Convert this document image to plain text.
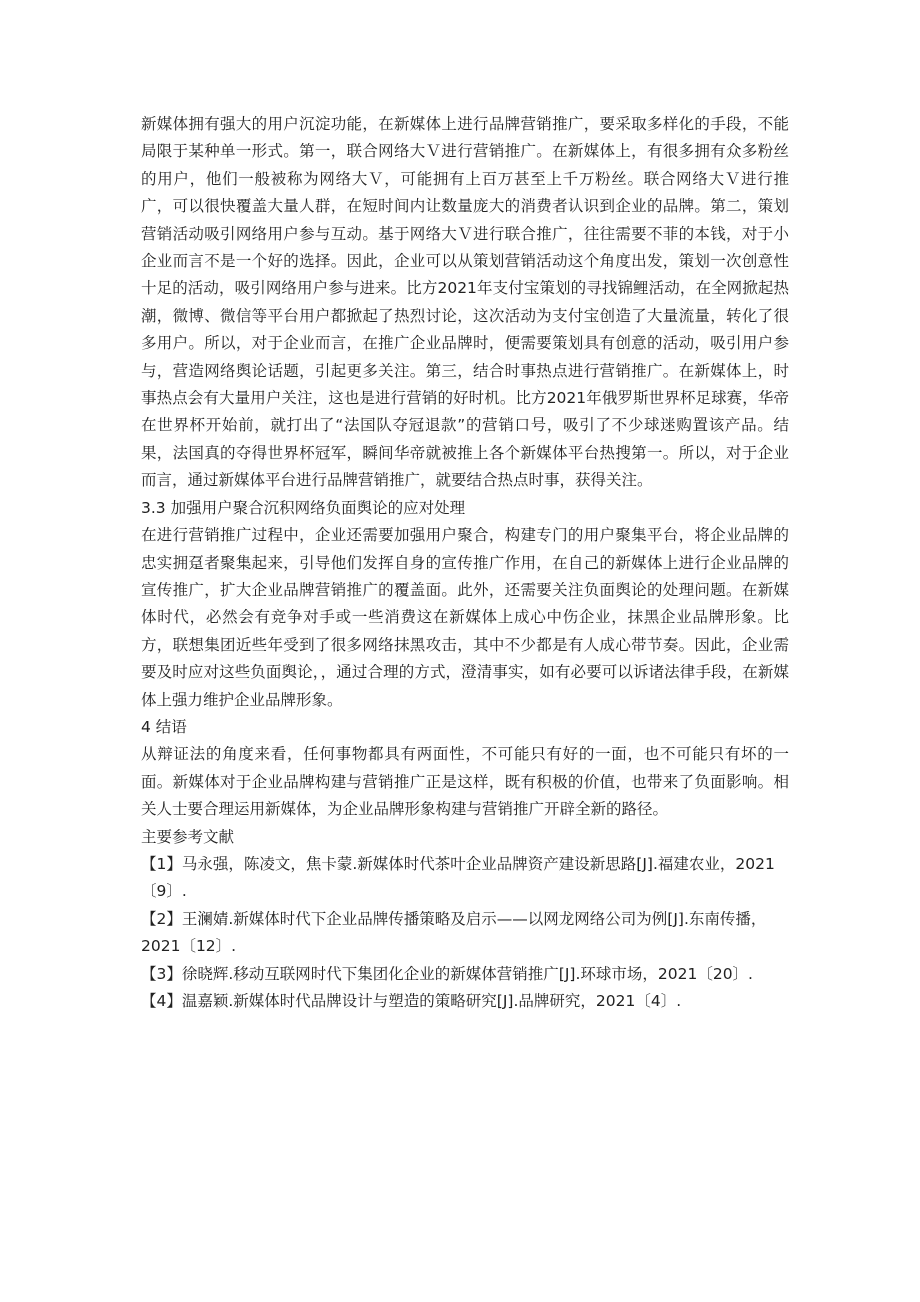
新媒体拥有强大的用户沉淀功能，在新媒体上进行品牌营销推广，要采取多样化的手段，不能局限于某种单一形式。第一，联合网络大Ｖ进行营销推广。在新媒体上，有很多拥有众多粉丝的用户，他们一般被称为网络大Ｖ，可能拥有上百万甚至上千万粉丝。联合网络大Ｖ进行推广，可以很快覆盖大量人群，在短时间内让数量庞大的消费者认识到企业的品牌。第二，策划营销活动吸引网络用户参与互动。基于网络大Ｖ进行联合推广，往往需要不菲的本钱，对于小企业而言不是一个好的选择。因此，企业可以从策划营销活动这个角度出发，策划一次创意性十足的活动，吸引网络用户参与进来。比方2021年支付宝策划的寻找锦鲤活动，在全网掀起热潮，微博、微信等平台用户都掀起了热烈讨论，这次活动为支付宝创造了大量流量，转化了很多用户。所以，对于企业而言，在推广企业品牌时，便需要策划具有创意的活动，吸引用户参与，营造网络舆论话题，引起更多关注。第三，结合时事热点进行营销推广。在新媒体上，时事热点会有大量用户关注，这也是进行营销的好时机。比方2021年俄罗斯世界杯足球赛，华帝在世界杯开始前，就打出了“法国队夺冠退款”的营销口号，吸引了不少球迷购置该产品。结果，法国真的夺得世界杯冠军，瞬间华帝就被推上各个新媒体平台热搜第一。所以，对于企业而言，通过新媒体平台进行品牌营销推广，就要结合热点时事，获得关注。

3.3 加强用户聚合沉积网络负面舆论的应对处理

在进行营销推广过程中，企业还需要加强用户聚合，构建专门的用户聚集平台，将企业品牌的忠实拥趸者聚集起来，引导他们发挥自身的宣传推广作用，在自己的新媒体上进行企业品牌的宣传推广，扩大企业品牌营销推广的覆盖面。此外，还需要关注负面舆论的处理问题。在新媒体时代，必然会有竞争对手或一些消费这在新媒体上成心中伤企业，抹黑企业品牌形象。比方，联想集团近些年受到了很多网络抹黑攻击，其中不少都是有人成心带节奏。因此，企业需要及时应对这些负面舆论，，通过合理的方式，澄清事实，如有必要可以诉诸法律手段，在新媒体上强力维护企业品牌形象。

4 结语

从辩证法的角度来看，任何事物都具有两面性，不可能只有好的一面，也不可能只有坏的一面。新媒体对于企业品牌构建与营销推广正是这样，既有积极的价值，也带来了负面影响。相关人士要合理运用新媒体，为企业品牌形象构建与营销推广开辟全新的路径。

主要参考文献

【1】马永强，陈凌文，焦卡蒙.新媒体时代茶叶企业品牌资产建设新思路[J].福建农业，2021〔9〕.

【2】王澜婧.新媒体时代下企业品牌传播策略及启示——以网龙网络公司为例[J].东南传播，2021〔12〕.

【3】徐晓辉.移动互联网时代下集团化企业的新媒体营销推广[J].环球市场，2021〔20〕.

【4】温嘉颖.新媒体时代品牌设计与塑造的策略研究[J].品牌研究，2021〔4〕.
